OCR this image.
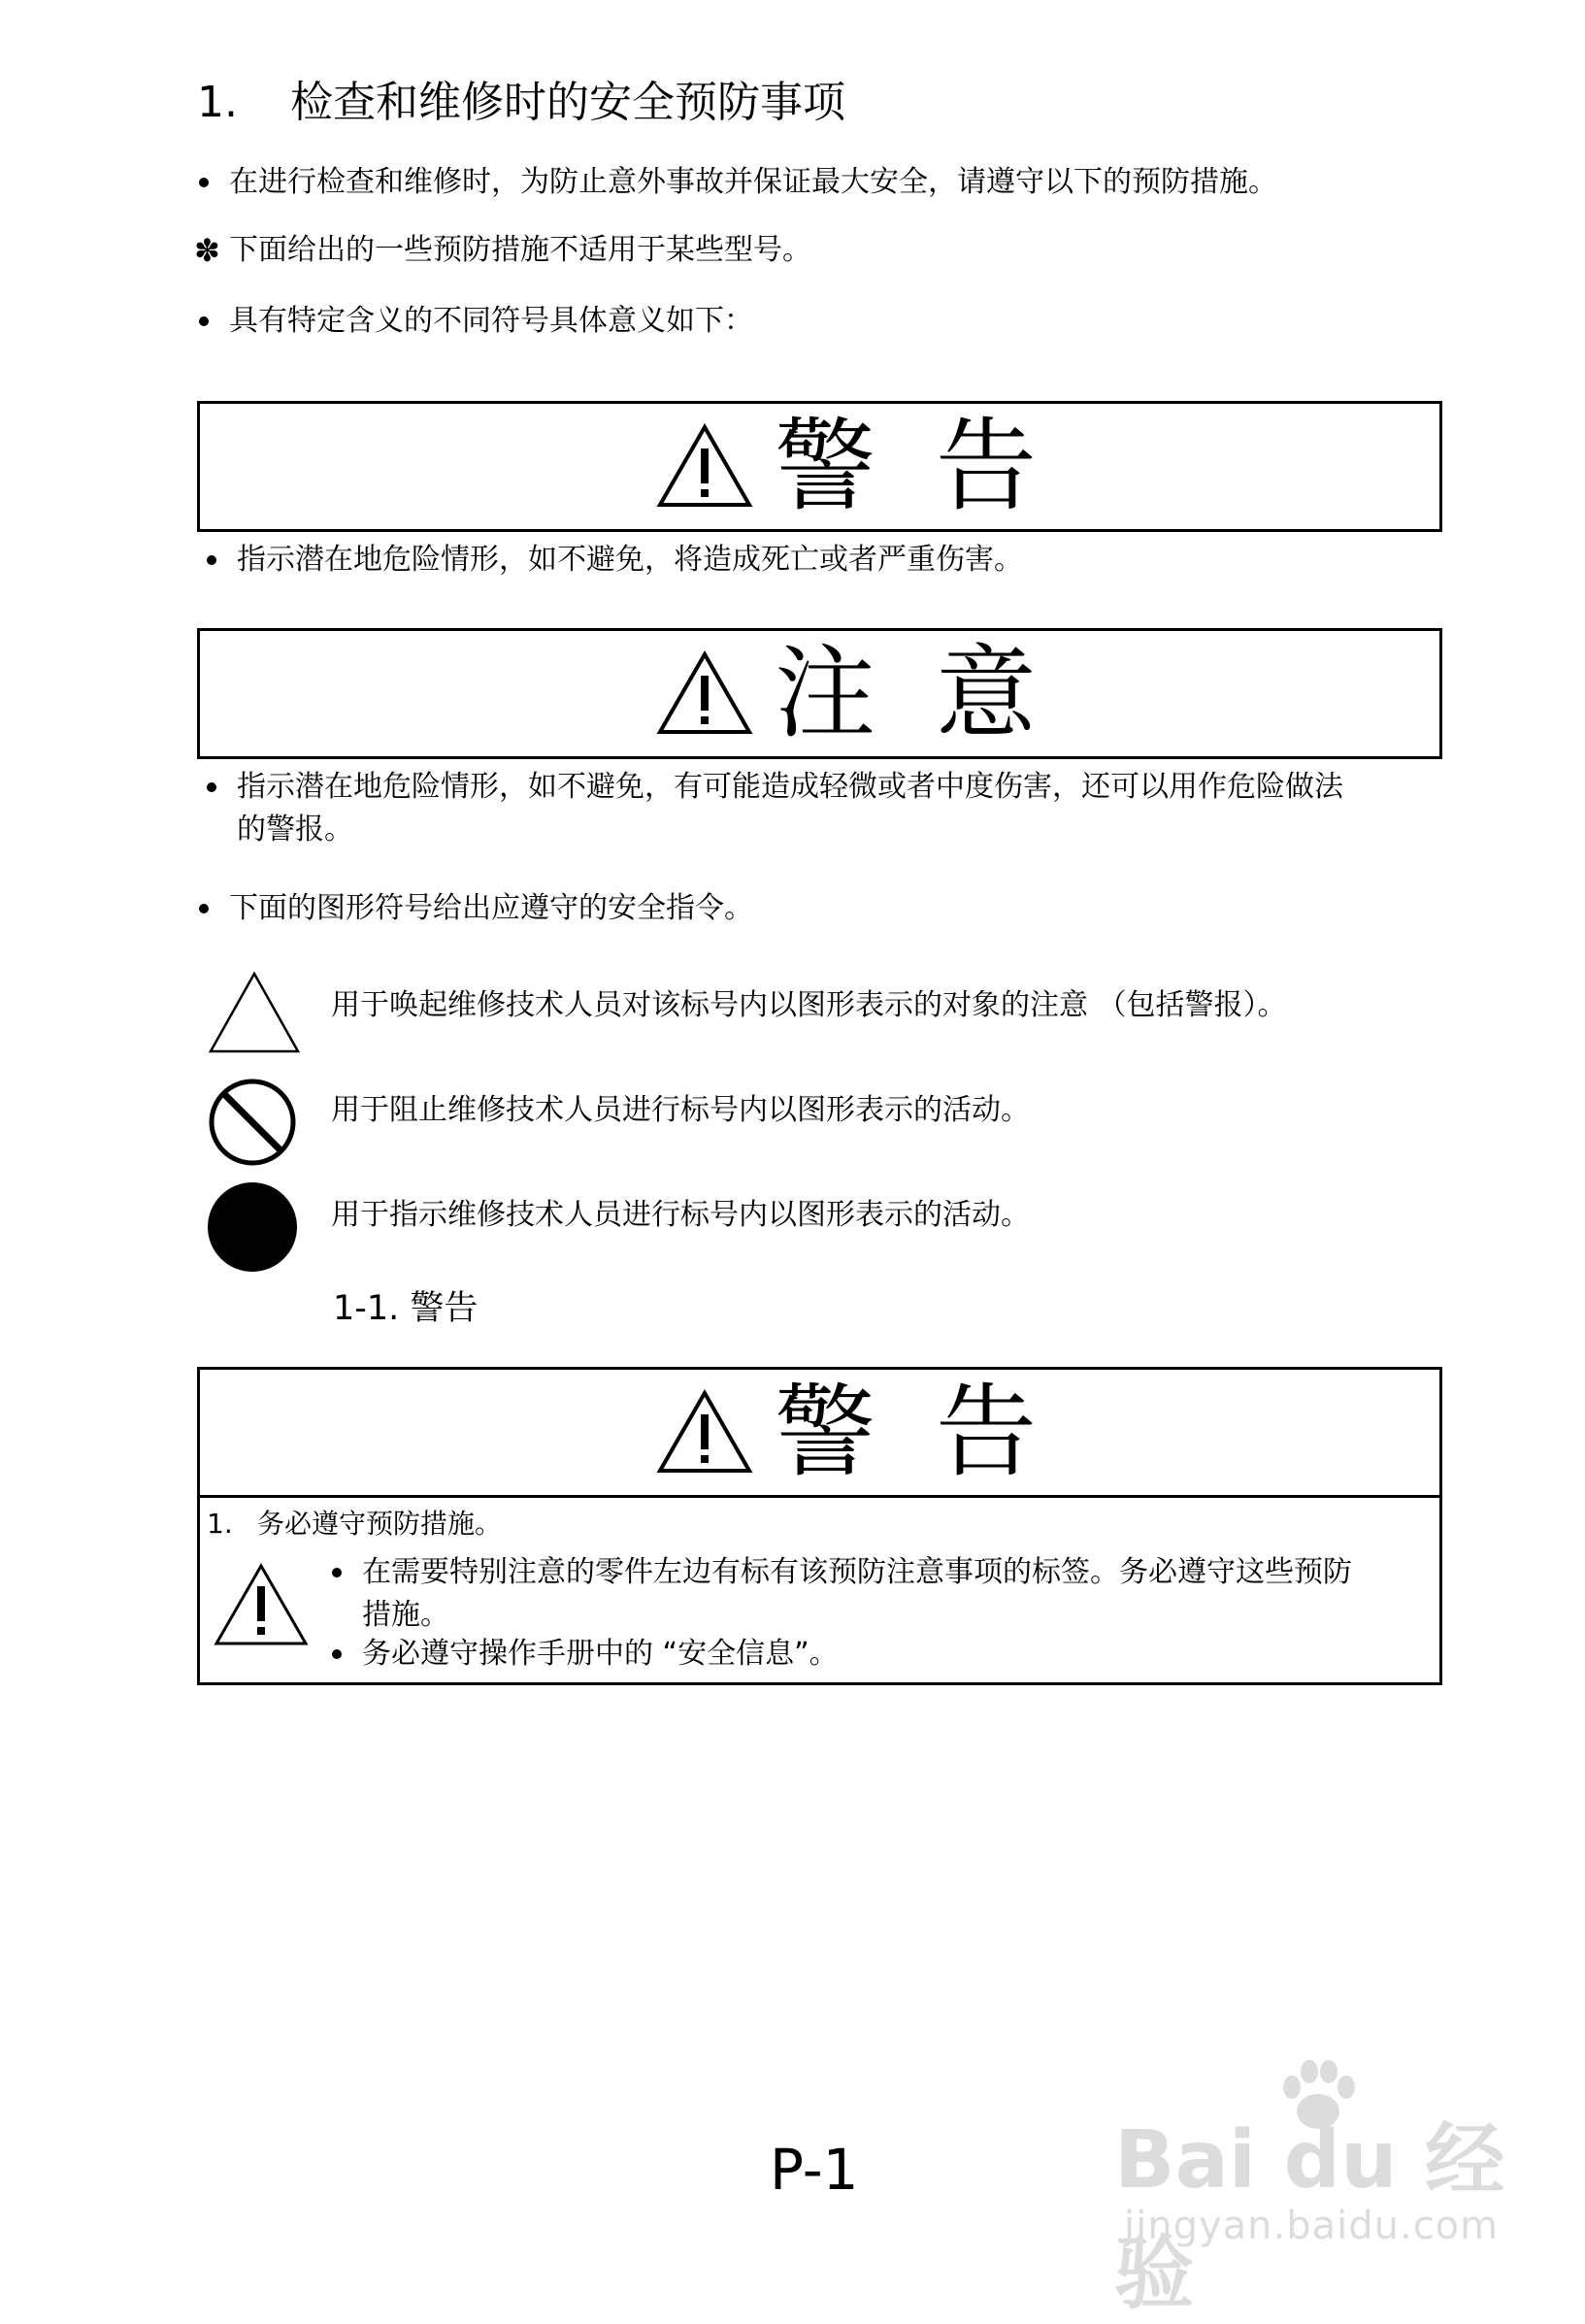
1. 检查和维修时的安全预防事项
在进行检查和维修时，为防止意外事故并保证最大安全，请遵守以下的预防措施。
✽ 下面给出的一些预防措施不适用于某些型号。
具有特定含义的不同符号具体意义如下：
警 告
指示潜在地危险情形，如不避免，将造成死亡或者严重伤害。
注 意
指示潜在地危险情形，如不避免，有可能造成轻微或者中度伤害，还可以用作危险做法
的警报。
下面的图形符号给出应遵守的安全指令。
用于唤起维修技术人员对该标号内以图形表示的对象的注意 （包括警报）。
用于阻止维修技术人员进行标号内以图形表示的活动。
用于指示维修技术人员进行标号内以图形表示的活动。
1-1. 警告
警 告
1. 务必遵守预防措施。
在需要特别注意的零件左边有标有该预防注意事项的标签。务必遵守这些预防
措施。
务必遵守操作手册中的 “安全信息”。
P-1	Bai du 经验
jingyan.baidu.com
